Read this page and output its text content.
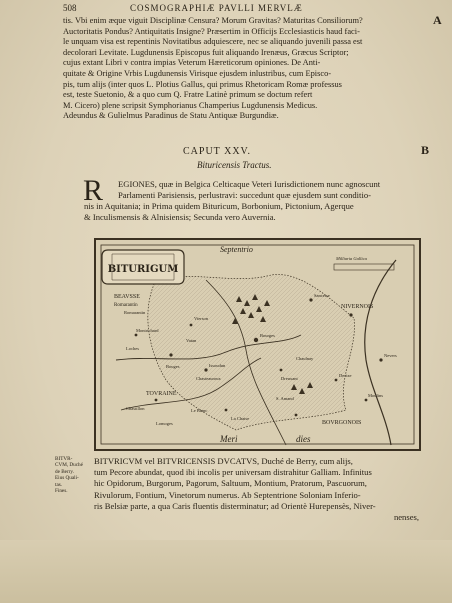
508	COSMOGRAPHIÆ PAVLLI MERVLÆ
A
B
tis. Vbi enim æque viguit Disciplinæ Censura? Morum Gravitas? Maturitas Consiliorum?
Auctoritatis Pondus? Antiquitatis Insigne? Præsertim in Officijs Ecclesiasticis haud faci-
le unquam visa est repentinis Novitatibus adquiescere, nec se aliquando juvenili passa est
decolorari Levitate. Lugdunensis Episcopus fuit aliquando Irenæus, Græcus Scriptor;
cujus extant Libri v contra impias Veterum Hæreticorum opiniones. De Anti-
quitate & Origine Vrbis Lugdunensis Virisque ejusdem inlustribus, cum Episco-
pis, tum alijs (inter quos L. Plotius Gallus, qui primus Rhetoricam Romæ professus
est, teste Suetonio, & a quo cum Q. Fratre Latinè primum se doctum refert
M. Cicero) plene scripsit Symphorianus Champerius Lugdunensis Medicus.
Adeundus & Gulielmus Paradinus de Statu Antiquæ Burgundiæ.
CAPUT XXV.
Bituricensis Tractus.
R EGIONES, quæ in Belgica Celticaque Veteri Iurisdictionem nunc agnoscunt
Parlamenti Parisiensis, perlustravi: succedunt quæ ejusdem sunt conditio-
nis in Aquitania; in Prima quidem Bituricum, Borbonium, Pictonium, Agerque
& Inculismensis & Alnisiensis; Secunda vero Auvernia.
BITURIGUM
Septentrio
Meri	dies
BEAVSSE
Romarantin
TOVRAINE
NIVERNOIS
BOVRGONOIS
Milliaria Gallica
Romarantin
Vierson
Bourges
Issoudun
Chasteauroux
Sancerre
Nevers
Moulins
Loches
Chastillon
Montrichard
Lomoges
Decize
Chaulnay
Dreuxant
Bouges
Le Blanc
S. Amand
La Chaise
Vatan
BITVR-
CVM, Duché
de Berry.
Eius Quali-
tas.
Fines.
BITVRICVM vel BITVRICENSIS DVCATVS, Duché de Berry, cum alijs,
tum Pecore abundat, quod ibi incolis per universam distrahitur Galliam. Infinitus
hic Opidorum, Burgorum, Pagorum, Saltuum, Montium, Pratorum, Pascuorum,
Rivulorum, Fontium, Vinetorum numerus. Ab Septentrione Soloniam Inferio-
ris Belsiæ parte, a qua Caris fluentis disterminatur; ad Orientè Hurepensès, Niver-
nenses,
